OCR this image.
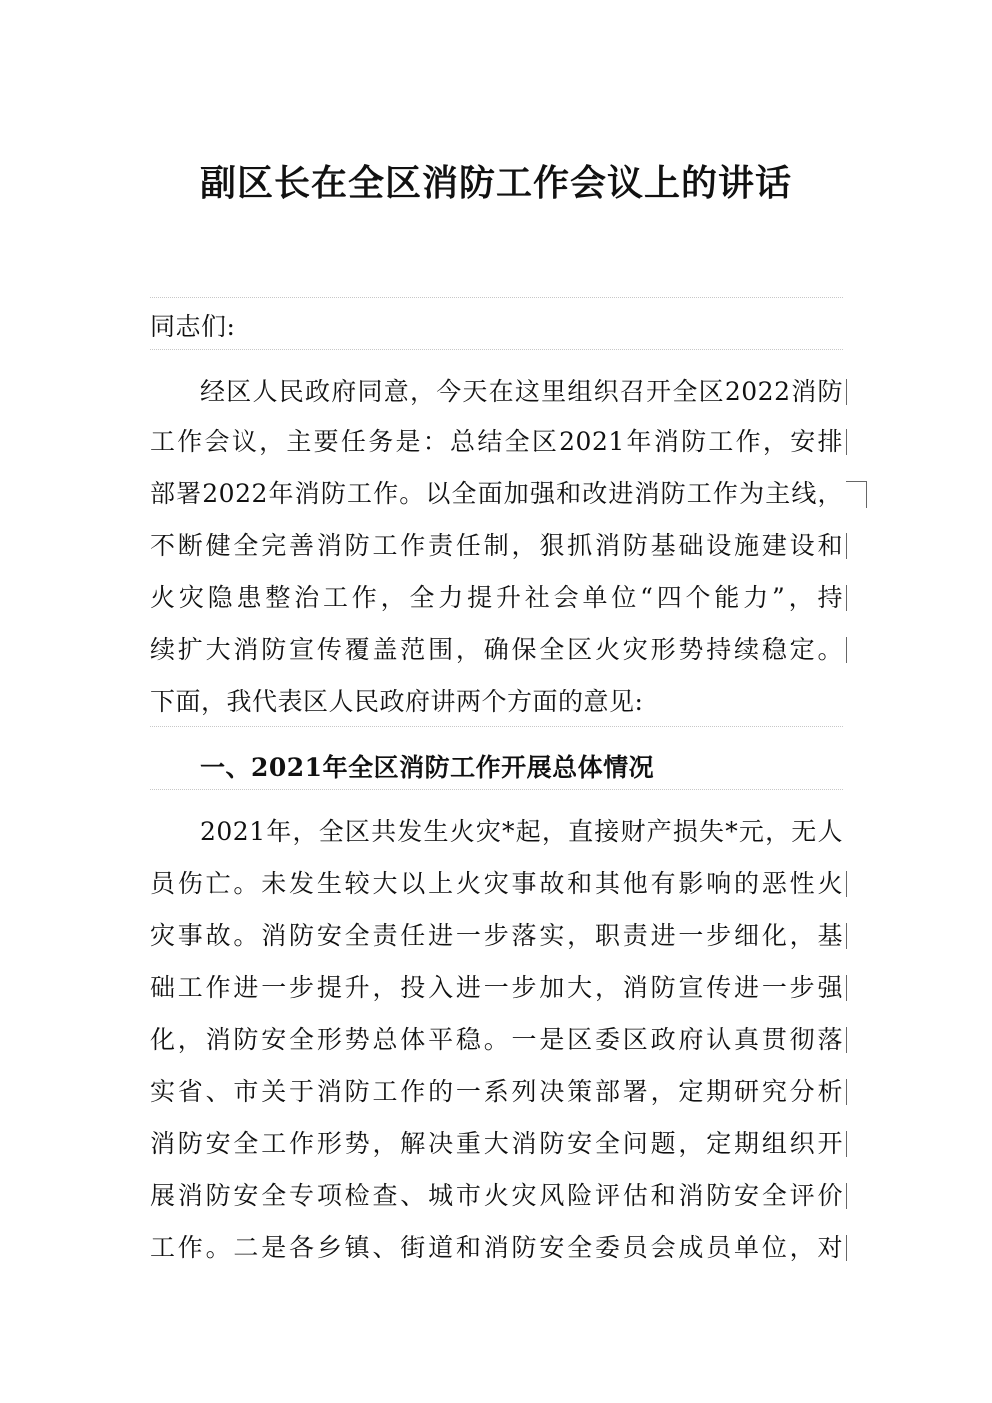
副区长在全区消防工作会议上的讲话
同志们:
经区人民政府同意，今天在这里组织召开全区2022消防
工作会议，主要任务是：总结全区2021年消防工作，安排
部署2022年消防工作。以全面加强和改进消防工作为主线，
不断健全完善消防工作责任制，狠抓消防基础设施建设和
火灾隐患整治工作，全力提升社会单位“四个能力”，持
续扩大消防宣传覆盖范围，确保全区火灾形势持续稳定。
下面，我代表区人民政府讲两个方面的意见:
一、2021年全区消防工作开展总体情况
2021年，全区共发生火灾*起，直接财产损失*元，无人
员伤亡。未发生较大以上火灾事故和其他有影响的恶性火
灾事故。消防安全责任进一步落实，职责进一步细化，基
础工作进一步提升，投入进一步加大，消防宣传进一步强
化，消防安全形势总体平稳。一是区委区政府认真贯彻落
实省、市关于消防工作的一系列决策部署，定期研究分析
消防安全工作形势，解决重大消防安全问题，定期组织开
展消防安全专项检查、城市火灾风险评估和消防安全评价
工作。二是各乡镇、街道和消防安全委员会成员单位，对
